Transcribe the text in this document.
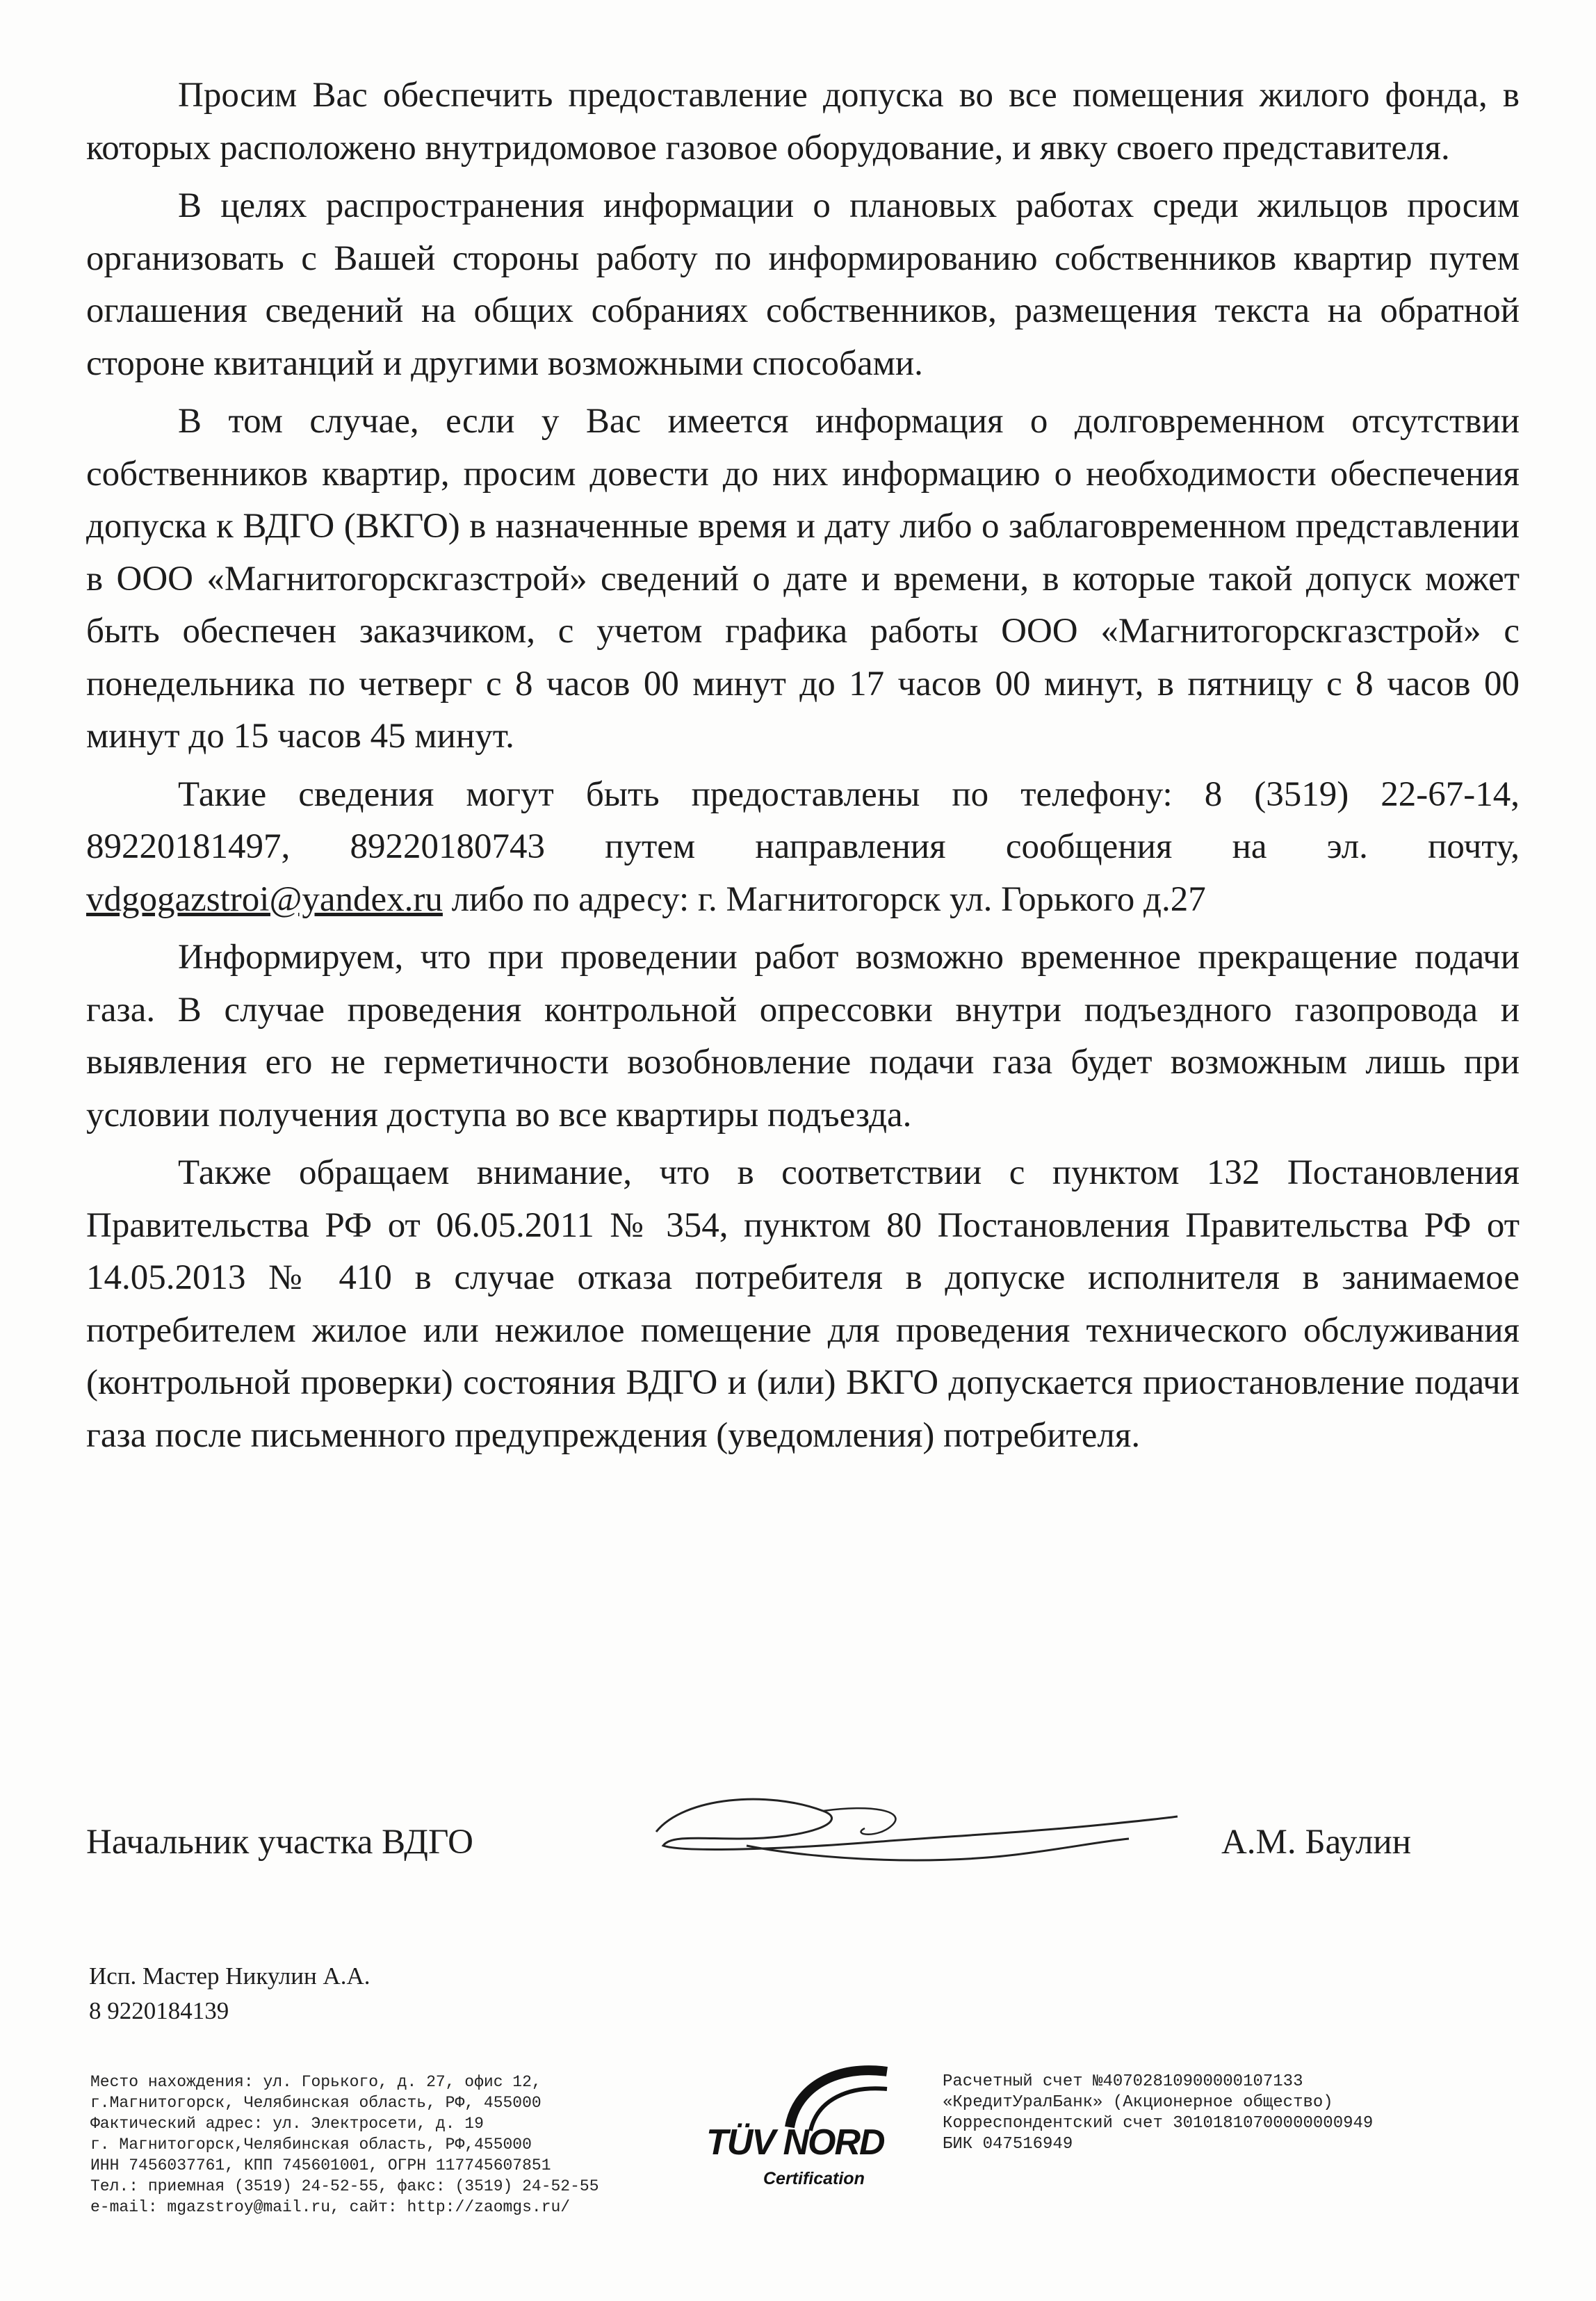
Просим Вас обеспечить предоставление допуска во все помещения жилого фонда, в которых расположено внутридомовое газовое оборудование, и явку своего представителя.

В целях распространения информации о плановых работах среди жильцов просим организовать с Вашей стороны работу по информированию собственников квартир путем оглашения сведений на общих собраниях собственников, размещения текста на обратной стороне квитанций и другими возможными способами.

В том случае, если у Вас имеется информация о долговременном отсутствии собственников квартир, просим довести до них информацию о необходимости обеспечения допуска к ВДГО (ВКГО) в назначенные время и дату либо о заблаговременном представлении в ООО «Магнитогорскгазстрой» сведений о дате и времени, в которые такой допуск может быть обеспечен заказчиком, с учетом графика работы ООО «Магнитогорскгазстрой» с понедельника по четверг с 8 часов 00 минут до 17 часов 00 минут, в пятницу с 8 часов 00 минут до 15 часов 45 минут.

Такие сведения могут быть предоставлены по телефону: 8 (3519) 22-67-14, 89220181497, 89220180743 путем направления сообщения на эл. почту, vdgogazstroi@yandex.ru либо по адресу: г. Магнитогорск ул. Горького д.27

Информируем, что при проведении работ возможно временное прекращение подачи газа. В случае проведения контрольной опрессовки внутри подъездного газопровода и выявления его не герметичности возобновление подачи газа будет возможным лишь при условии получения доступа во все квартиры подъезда.

Также обращаем внимание, что в соответствии с пунктом 132 Постановления Правительства РФ от 06.05.2011 № 354, пунктом 80 Постановления Правительства РФ от 14.05.2013 № 410 в случае отказа потребителя в допуске исполнителя в занимаемое потребителем жилое или нежилое помещение для проведения технического обслуживания (контрольной проверки) состояния ВДГО и (или) ВКГО допускается приостановление подачи газа после письменного предупреждения (уведомления) потребителя.

Начальник участка ВДГО	А.М. Баулин
Исп. Мастер Никулин А.А.
8 9220184139
Место нахождения: ул. Горького, д. 27, офис 12,
г.Магнитогорск, Челябинская область, РФ, 455000
Фактический адрес: ул. Электросети, д. 19
г. Магнитогорск,Челябинская область, РФ,455000
ИНН 7456037761, КПП 745601001, ОГРН 117745607851
Тел.: приемная (3519) 24-52-55, факс: (3519) 24-52-55
e-mail: mgazstroy@mail.ru, сайт: http://zaomgs.ru/
TÜV NORD
Certification
Расчетный счет №40702810900000107133
«КредитУралБанк» (Акционерное общество)
Корреспондентский счет 30101810700000000949
БИК 047516949
